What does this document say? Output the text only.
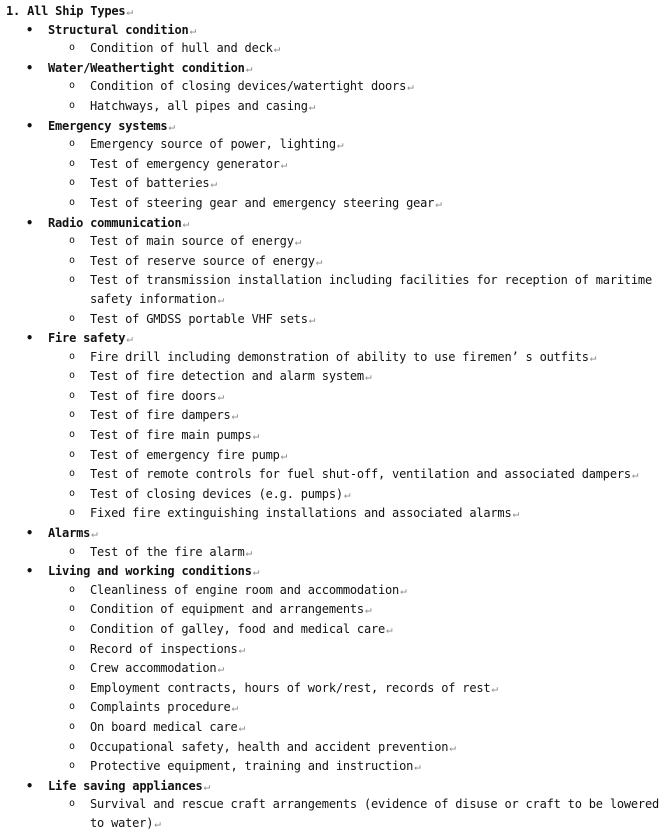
1. All Ship Types↵
• Structural condition↵
o Condition of hull and deck↵
• Water/Weathertight condition↵
o Condition of closing devices/watertight doors↵
o Hatchways, all pipes and casing↵
• Emergency systems↵
o Emergency source of power, lighting↵
o Test of emergency generator↵
o Test of batteries↵
o Test of steering gear and emergency steering gear↵
• Radio communication↵
o Test of main source of energy↵
o Test of reserve source of energy↵
o Test of transmission installation including facilities for reception of maritime safety information↵
o Test of GMDSS portable VHF sets↵
• Fire safety↵
o Fire drill including demonstration of ability to use firemen’ s outfits↵
o Test of fire detection and alarm system↵
o Test of fire doors↵
o Test of fire dampers↵
o Test of fire main pumps↵
o Test of emergency fire pump↵
o Test of remote controls for fuel shut-off, ventilation and associated dampers↵
o Test of closing devices (e.g. pumps)↵
o Fixed fire extinguishing installations and associated alarms↵
• Alarms↵
o Test of the fire alarm↵
• Living and working conditions↵
o Cleanliness of engine room and accommodation↵
o Condition of equipment and arrangements↵
o Condition of galley, food and medical care↵
o Record of inspections↵
o Crew accommodation↵
o Employment contracts, hours of work/rest, records of rest↵
o Complaints procedure↵
o On board medical care↵
o Occupational safety, health and accident prevention↵
o Protective equipment, training and instruction↵
• Life saving appliances↵
o Survival and rescue craft arrangements (evidence of disuse or craft to be lowered to water)↵
